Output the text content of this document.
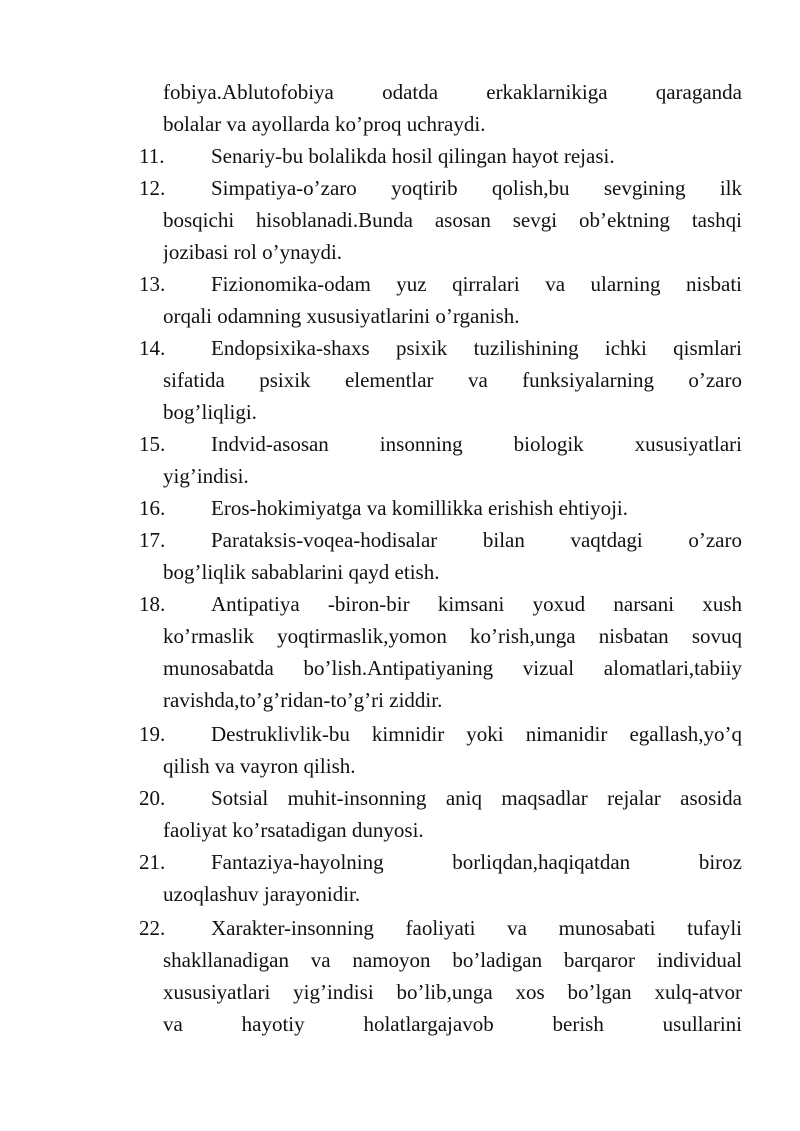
fobiya.Ablutofobiya odatda erkaklarnikiga qaraganda
bolalar va ayollarda ko’proq uchraydi.
11. Senariy-bu bolalikda hosil qilingan hayot rejasi.
12. Simpatiya-o’zaro yoqtirib qolish,bu sevgining ilk
bosqichi hisoblanadi.Bunda asosan sevgi ob’ektning tashqi
jozibasi rol o’ynaydi.
13. Fizionomika-odam yuz qirralari va ularning nisbati
orqali odamning xususiyatlarini o’rganish.
14. Endopsixika-shaxs psixik tuzilishining ichki qismlari
sifatida psixik elementlar va funksiyalarning o’zaro
bog’liqligi.
15. Indvid-asosan insonning biologik xususiyatlari
yig’indisi.
16. Eros-hokimiyatga va komillikka erishish ehtiyoji.
17. Parataksis-voqea-hodisalar bilan vaqtdagi o’zaro
bog’liqlik sabablarini qayd etish.
18. Antipatiya -biron-bir kimsani yoxud narsani xush
ko’rmaslik yoqtirmaslik,yomon ko’rish,unga nisbatan sovuq
munosabatda bo’lish.Antipatiyaning vizual alomatlari,tabiiy
ravishda,to’g’ridan-to’g’ri ziddir.
19. Destruklivlik-bu kimnidir yoki nimanidir egallash,yo’q
qilish va vayron qilish.
20. Sotsial muhit-insonning aniq maqsadlar rejalar asosida
faoliyat ko’rsatadigan dunyosi.
21. Fantaziya-hayolning borliqdan,haqiqatdan biroz
uzoqlashuv jarayonidir.
22. Xarakter-insonning faoliyati va munosabati tufayli
shakllanadigan va namoyon bo’ladigan barqaror individual
xususiyatlari yig’indisi bo’lib,unga xos bo’lgan xulq-atvor
va hayotiy holatlargajavob berish usullarini
